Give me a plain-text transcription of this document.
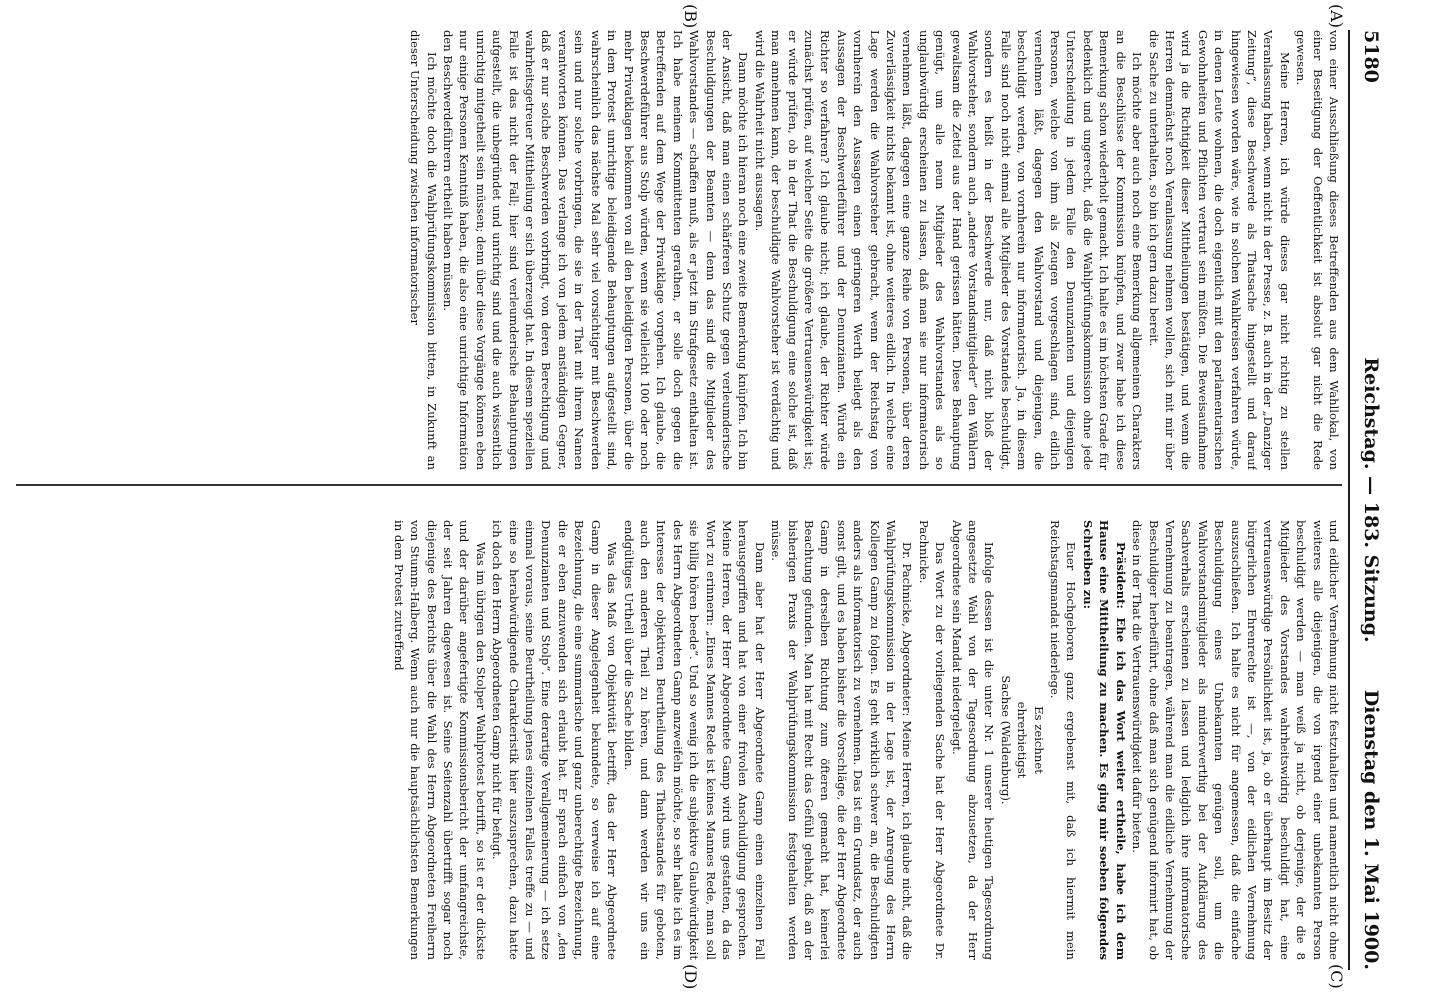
5180
Reichstag. — 183. Sitzung.
Dienstag den 1. Mai 1900.
(A)
(B)
(C)
(D)

von einer Ausschließung dieses Betreffenden aus dem Wahllokal, von einer Beseitigung der Oeffentlichkeit ist absolut gar nicht die Rede gewesen.

Meine Herren, ich würde dieses gar nicht richtig zu stellen Veranlassung haben, wenn nicht in der Presse, z. B. auch in der „Danziger Zeitung“, diese Beschwerde als Thatsache hingestellt und darauf hingewiesen worden wäre, wie in solchen Wahlkreisen verfahren würde, in denen Leute wohnen, die doch eigentlich mit den parlamentarischen Gewohnheiten und Pflichten vertraut sein müßten. Die Beweisaufnahme wird ja die Richtigkeit dieser Mittheilungen bestätigen, und wenn die Herren demnächst noch Veranlassung nehmen wollen, sich mit mir über die Sache zu unterhalten, so bin ich gern dazu bereit.

Ich möchte aber auch noch eine Bemerkung allgemeinen Charakters an die Beschlüsse der Kommission knüpfen, und zwar habe ich diese Bemerkung schon wiederholt gemacht. Ich halte es im höchsten Grade für bedenklich und ungerecht, daß die Wahlprüfungskommission ohne jede Unterscheidung in jedem Falle den Denunzianten und diejenigen Personen, welche von ihm als Zeugen vorgeschlagen sind, eidlich vernehmen läßt, dagegen den Wahlvorstand und diejenigen, die beschuldigt werden, von vornherein nur informatorisch. Ja, in diesem Falle sind noch nicht einmal alle Mitglieder des Vorstandes beschuldigt, sondern es heißt in der Beschwerde nur, daß nicht bloß der Wahlvorsteher, sondern auch „andere Vorstandsmitglieder“ den Wählern gewaltsam die Zettel aus der Hand gerissen hätten. Diese Behauptung genügt, um alle neun Mitglieder des Wahlvorstandes als so unglaubwürdig erscheinen zu lassen, daß man sie nur informatorisch vernehmen läßt, dagegen eine ganze Reihe von Personen, über deren Zuverlässigkeit nichts bekannt ist, ohne weiteres eidlich. In welche eine Lage werden die Wahlvorsteher gebracht, wenn der Reichstag von vornherein den Aussagen einen geringeren Werth beilegt als den Aussagen der Beschwerdeführer und der Denunzianten. Würde ein Richter so verfahren? Ich glaube nicht; ich glaube, der Richter würde zunächst prüfen, auf welcher Seite die größere Vertrauenswürdigkeit ist; er würde prüfen, ob in der That die Beschuldigung eine solche ist, daß man annehmen kann, der beschuldigte Wahlvorsteher ist verdächtig und wird die Wahrheit nicht aussagen.

Dann möchte ich hieran noch eine zweite Bemerkung knüpfen. Ich bin der Ansicht, daß man einen schärferen Schutz gegen verleumderische Beschuldigungen der Beamten — denn das sind die Mitglieder des Wahlvorstandes — schaffen muß, als er jetzt im Strafgesetz enthalten ist. Ich habe meinem Kommittenten gerathen, er solle doch gegen die Betreffenden auf dem Wege der Privatklage vorgehen. Ich glaube, die Beschwerdeführer aus Stolp würden, wenn sie vielleicht 100 oder noch mehr Privatklagen bekommen von all den beleidigten Personen, über die in dem Protest unrichtige beleidigende Behauptungen aufgestellt sind, wahrscheinlich das nächste Mal sehr viel vorsichtiger mit Beschwerden sein und nur solche vorbringen, die sie in der That mit ihrem Namen verantworten können. Das verlange ich von jedem anständigen Gegner, daß er nur solche Beschwerden vorbringt, von deren Berechtigung und wahrheitsgetreuer Mittheilung er sich überzeugt hat. In diesem speziellen Falle ist das nicht der Fall; hier sind verleumderische Behauptungen aufgestellt, die unbegründet und unrichtig sind und die auch wissentlich unrichtig mitgetheilt sein müssen; denn über diese Vorgänge können eben nur einige Personen Kenntniß haben, die also eine unrichtige Information den Beschwerdeführern ertheilt haben müssen.

Ich möchte doch die Wahlprüfungskommission bitten, in Zukunft an dieser Unterscheidung zwischen informatorischer

und eidlicher Vernehmung nicht festzuhalten und namentlich nicht ohne weiteres alle diejenigen, die von irgend einer unbekannten Person beschuldigt werden — man weiß ja nicht, ob derjenige, der die 8 Mitglieder des Vorstandes wahrheitswidrig beschuldigt hat, eine vertrauenswürdige Persönlichkeit ist, ja, ob er überhaupt im Besitz der bürgerlichen Ehrenrechte ist —, von der eidlichen Vernehmung auszuschließen. Ich halte es nicht für angemessen, daß die einfache Beschuldigung eines Unbekannten genügen soll, um die Wahlvorstandsmitglieder als minderwerthig bei der Aufklärung des Sachverhalts erscheinen zu lassen und lediglich ihre informatorische Vernehmung zu beantragen, während man die eidliche Vernehmung der Beschuldiger herbeiführt, ohne daß man sich genügend informirt hat, ob diese in der That die Vertrauenswürdigkeit dafür bieten.

Präsident: Ehe ich das Wort weiter ertheile, habe ich dem Hause eine Mittheilung zu machen. Es ging mir soeben folgendes Schreiben zu:

Euer Hochgeboren ganz ergebenst mit, daß ich hiermit mein Reichstagsmandat niederlege.

Es zeichnet

ehrerbietigst

Sachse (Waldenburg).

Infolge dessen ist die unter Nr. 1 unserer heutigen Tagesordnung angesetzte Wahl von der Tagesordnung abzusetzen, da der Herr Abgeordnete sein Mandat niedergelegt.

Das Wort zu der vorliegenden Sache hat der Herr Abgeordnete Dr. Pachnicke.

Dr. Pachnicke, Abgeordneter: Meine Herren, ich glaube nicht, daß die Wahlprüfungskommission in der Lage ist, der Anregung des Herrn Kollegen Gamp zu folgen. Es geht wirklich schwer an, die Beschuldigten anders als informatorisch zu vernehmen. Das ist ein Grundsatz, der auch sonst gilt, und es haben bisher die Vorschläge, die der Herr Abgeordnete Gamp in derselben Richtung zum öfteren gemacht hat, keinerlei Beachtung gefunden. Man hat mit Recht das Gefühl gehabt, daß an der bisherigen Praxis der Wahlprüfungskommission festgehalten werden müsse.

Dann aber hat der Herr Abgeordnete Gamp einen einzelnen Fall herausgegriffen und hat von einer frivolen Anschuldigung gesprochen. Meine Herren, der Herr Abgeordnete Gamp wird uns gestatten, da das Wort zu erinnern: „Eines Mannes Rede ist keines Mannes Rede, man soll sie billig hören beede“. Und so wenig ich die subjektive Glaubwürdigkeit des Herrn Abgeordneten Gamp anzweifeln möchte, so sehr halte ich es im Interesse der objektiven Beurtheilung des Thatbestandes für geboten, auch den anderen Theil zu hören, und dann werden wir uns ein endgültiges Urtheil über die Sache bilden.

Was das Maß von Objektivität betrifft, das der Herr Abgeordnete Gamp in dieser Angelegenheit bekundete, so verweise ich auf eine Bezeichnung, die eine summarische und ganz unberechtigte Bezeichnung, die er eben anzuwenden sich erlaubt hat. Er sprach einfach von „den Denunzianten und Stolp“. Eine derartige Verallgemeinerung — ich setze einmal voraus, seine Beurtheilung jenes einzelnen Falles treffe zu — und eine so herabwürdigende Charakteristik hier auszusprechen, dazu hatte ich doch den Herrn Abgeordneten Gamp nicht für befugt.

Was im übrigen den Stolper Wahlprotest betrifft, so ist er der dickste und der darüber angefertigte Kommissionsbericht der umfangreichste, der seit Jahren dagewesen ist. Seine Seitenzahl übertrifft sogar noch diejenige des Berichts über die Wahl des Herrn Abgeordneten Freiherrn von Stumm-Halberg. Wenn auch nur die hauptsächlichsten Bemerkungen in dem Protest zutreffend
